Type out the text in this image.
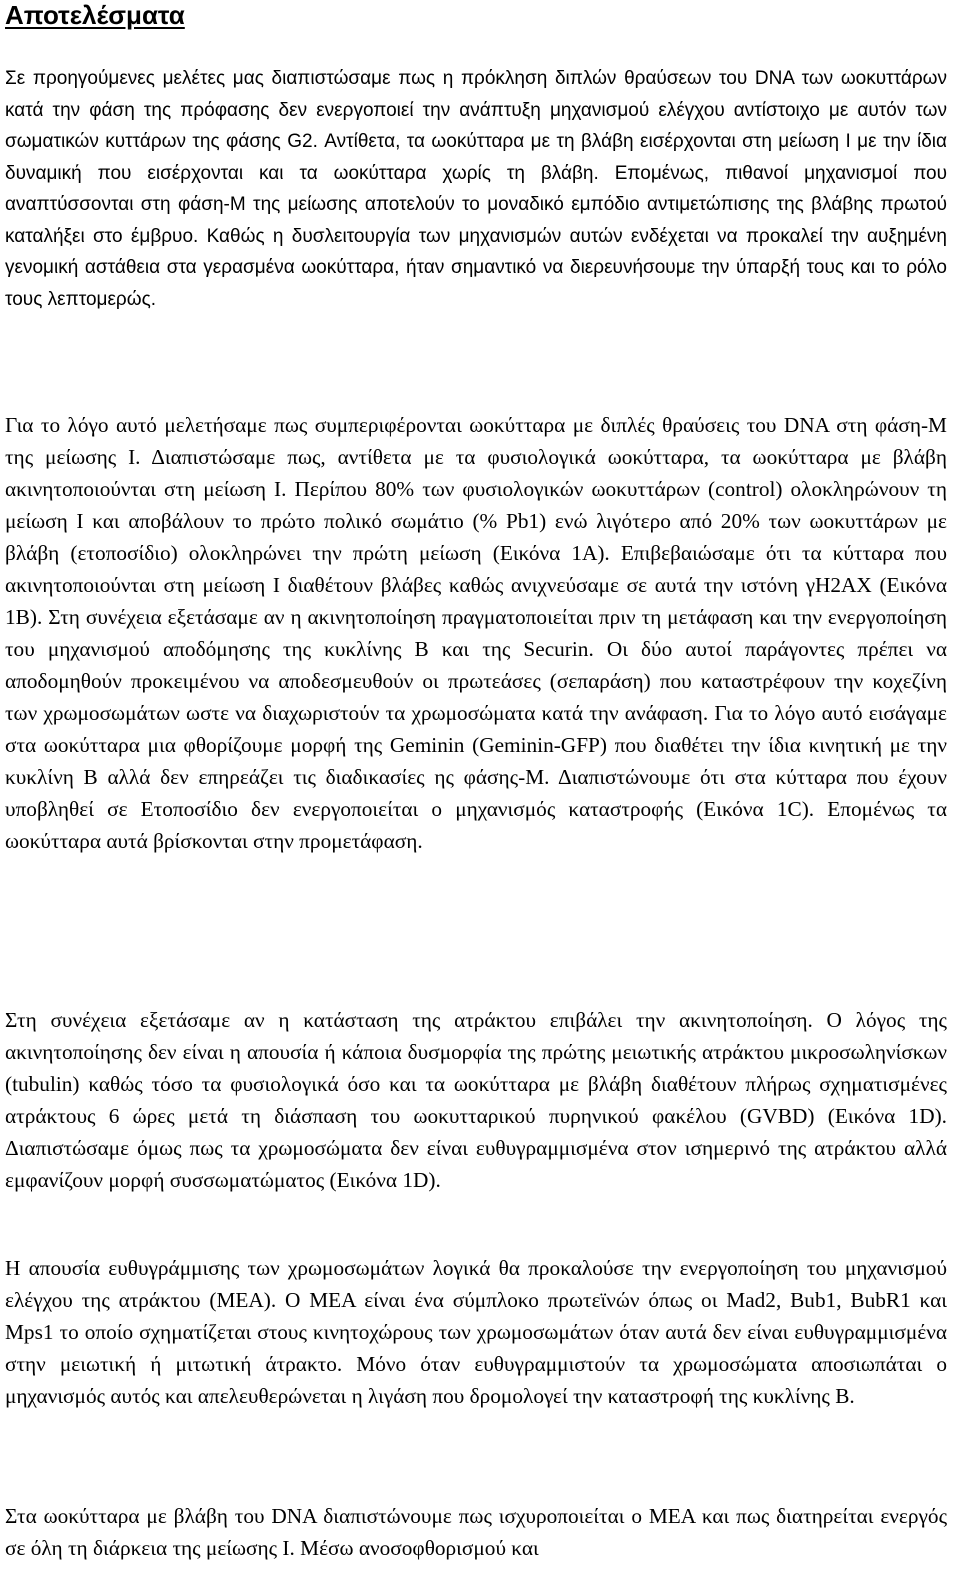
Αποτελέσματα

Σε προηγούμενες μελέτες μας διαπιστώσαμε πως η πρόκληση διπλών θραύσεων του DNA των ωοκυττάρων κατά την φάση της πρόφασης δεν ενεργοποιεί την ανάπτυξη μηχανισμού ελέγχου αντίστοιχο με αυτόν των σωματικών κυττάρων της φάσης G2. Αντίθετα, τα ωοκύτταρα με τη βλάβη εισέρχονται στη μείωση Ι με την ίδια δυναμική που εισέρχονται και τα ωοκύτταρα χωρίς τη βλάβη. Επομένως, πιθανοί μηχανισμοί που αναπτύσσονται στη φάση-Μ της μείωσης αποτελούν το μοναδικό εμπόδιο αντιμετώπισης της βλάβης πρωτού καταλήξει στο έμβρυο. Καθώς η δυσλειτουργία των μηχανισμών αυτών ενδέχεται να προκαλεί την αυξημένη γενομική αστάθεια στα γερασμένα ωοκύτταρα, ήταν σημαντικό να διερευνήσουμε την ύπαρξή τους και το ρόλο τους λεπτομερώς.

Για το λόγο αυτό μελετήσαμε πως συμπεριφέρονται ωοκύτταρα με διπλές θραύσεις του DNA στη φάση-Μ της μείωσης Ι. Διαπιστώσαμε πως, αντίθετα με τα φυσιολογικά ωοκύτταρα, τα ωοκύτταρα με βλάβη ακινητοποιούνται στη μείωση Ι. Περίπου 80% των φυσιολογικών ωοκυττάρων (control) ολοκληρώνουν τη μείωση Ι και αποβάλουν το πρώτο πολικό σωμάτιο (% Pb1) ενώ λιγότερο από 20% των ωοκυττάρων με βλάβη (ετοποσίδιο) ολοκληρώνει την πρώτη μείωση (Εικόνα 1Α). Επιβεβαιώσαμε ότι τα κύτταρα που ακινητοποιούνται στη μείωση Ι διαθέτουν βλάβες καθώς ανιχνεύσαμε σε αυτά την ιστόνη γH2AX (Εικόνα 1Β). Στη συνέχεια εξετάσαμε αν η ακινητοποίηση πραγματοποιείται πριν τη μετάφαση και την ενεργοποίηση του μηχανισμού αποδόμησης της κυκλίνης Β και της Securin. Οι δύο αυτοί παράγοντες πρέπει να αποδομηθούν προκειμένου να αποδεσμευθούν οι πρωτεάσες (σεπαράση) που καταστρέφουν την κοχεζίνη των χρωμοσωμάτων ωστε να διαχωριστούν τα χρωμοσώματα κατά την ανάφαση. Για το λόγο αυτό εισάγαμε στα ωοκύτταρα μια φθορίζουμε μορφή της Geminin (Geminin-GFP) που διαθέτει την ίδια κινητική με την κυκλίνη Β αλλά δεν επηρεάζει τις διαδικασίες ης φάσης-Μ. Διαπιστώνουμε ότι στα κύτταρα που έχουν υποβληθεί σε Ετοποσίδιο δεν ενεργοποιείται ο μηχανισμός καταστροφής (Εικόνα 1C). Επομένως τα ωοκύτταρα αυτά βρίσκονται στην προμετάφαση.

Στη συνέχεια εξετάσαμε αν η κατάσταση της ατράκτου επιβάλει την ακινητοποίηση. Ο λόγος της ακινητοποίησης δεν είναι η απουσία ή κάποια δυσμορφία της πρώτης μειωτικής ατράκτου μικροσωληνίσκων (tubulin) καθώς τόσο τα φυσιολογικά όσο και τα ωοκύτταρα με βλάβη διαθέτουν πλήρως σχηματισμένες ατράκτους 6 ώρες μετά τη διάσπαση του ωοκυτταρικού πυρηνικού φακέλου (GVBD) (Εικόνα 1D). Διαπιστώσαμε όμως πως τα χρωμοσώματα δεν είναι ευθυγραμμισμένα στον ισημερινό της ατράκτου αλλά εμφανίζουν μορφή συσσωματώματος (Εικόνα 1D).

Η απουσία ευθυγράμμισης των χρωμοσωμάτων λογικά θα προκαλούσε την ενεργοποίηση του μηχανισμού ελέγχου της ατράκτου (ΜΕΑ). Ο ΜΕΑ είναι ένα σύμπλοκο πρωτεϊνών όπως οι Mad2, Bub1, BubR1 και Mps1 το οποίο σχηματίζεται στους κινητοχώρους των χρωμοσωμάτων όταν αυτά δεν είναι ευθυγραμμισμένα στην μειωτική ή μιτωτική άτρακτο. Μόνο όταν ευθυγραμμιστούν τα χρωμοσώματα αποσιωπάται ο μηχανισμός αυτός και απελευθερώνεται η λιγάση που δρομολογεί την καταστροφή της κυκλίνης Β.

Στα ωοκύτταρα με βλάβη του DNA διαπιστώνουμε πως ισχυροποιείται ο ΜΕΑ και πως διατηρείται ενεργός σε όλη τη διάρκεια της μείωσης Ι. Μέσω ανοσοφθορισμού και
